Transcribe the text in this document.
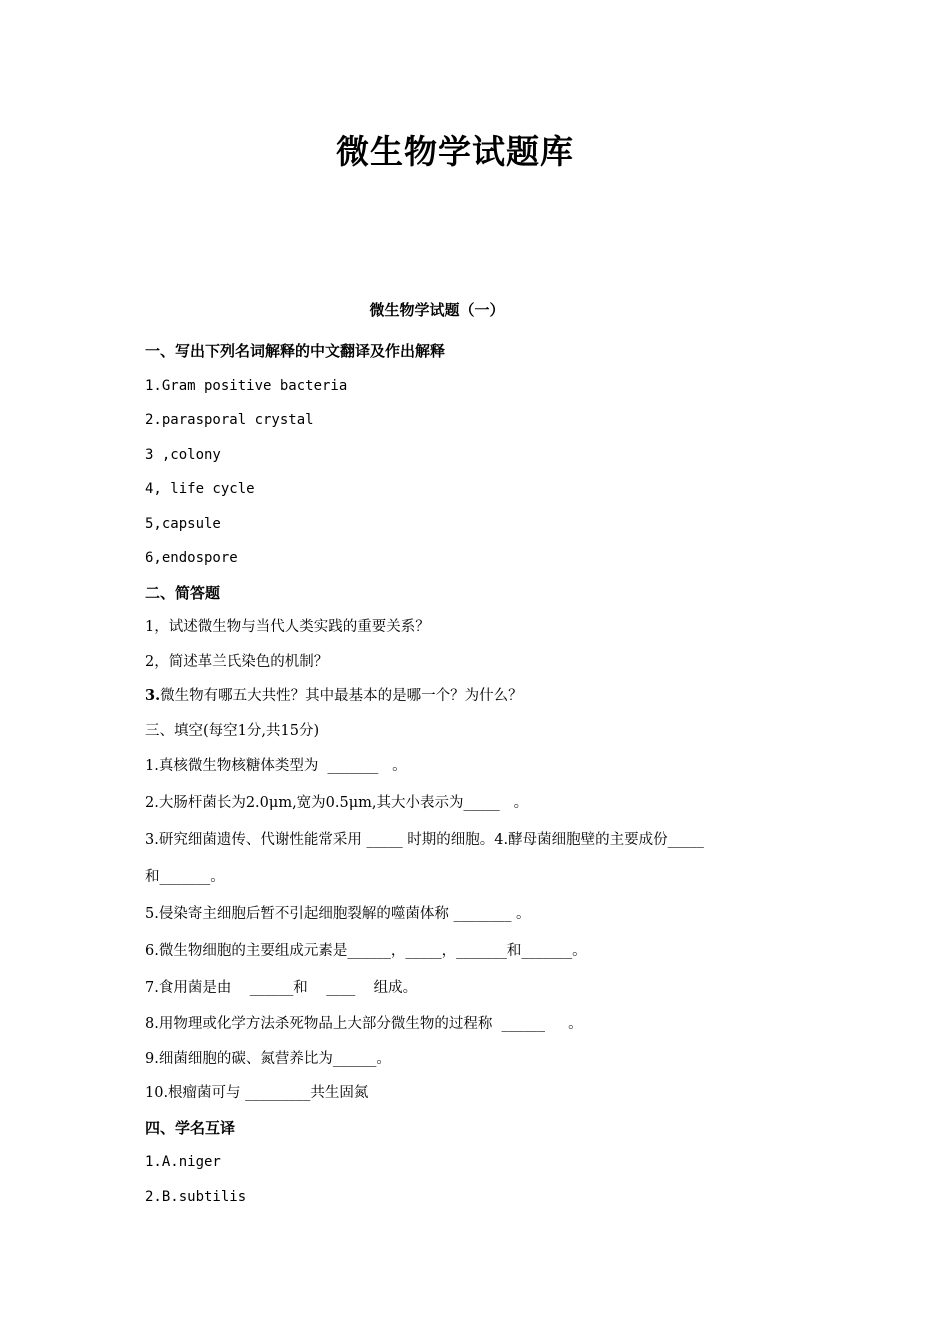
微生物学试题库
微生物学试题（一）
一、写出下列名词解释的中文翻译及作出解释
1.Gram positive bacteria
2.parasporal crystal
3 ,colony
4, life cycle
5,capsule
6,endospore
二、简答题
1，试述微生物与当代人类实践的重要关系？
2，简述革兰氏染色的机制？
3.微生物有哪五大共性？其中最基本的是哪一个？为什么？
三、填空(每空1分,共15分)
1.真核微生物核糖体类型为  _______   。
2.大肠杆菌长为2.0μm,宽为0.5μm,其大小表示为_____   。
3.研究细菌遗传、代谢性能常采用 _____ 时期的细胞。4.酵母菌细胞壁的主要成份_____
和_______。
5.侵染寄主细胞后暂不引起细胞裂解的噬菌体称 ________ 。
6.微生物细胞的主要组成元素是______，_____，_______和_______。
7.食用菌是由    ______和    ____    组成。
8.用物理或化学方法杀死物品上大部分微生物的过程称  ______     。
9.细菌细胞的碳、氮营养比为______。
10.根瘤菌可与 _________共生固氮
四、学名互译
1.A.niger
2.B.subtilis
